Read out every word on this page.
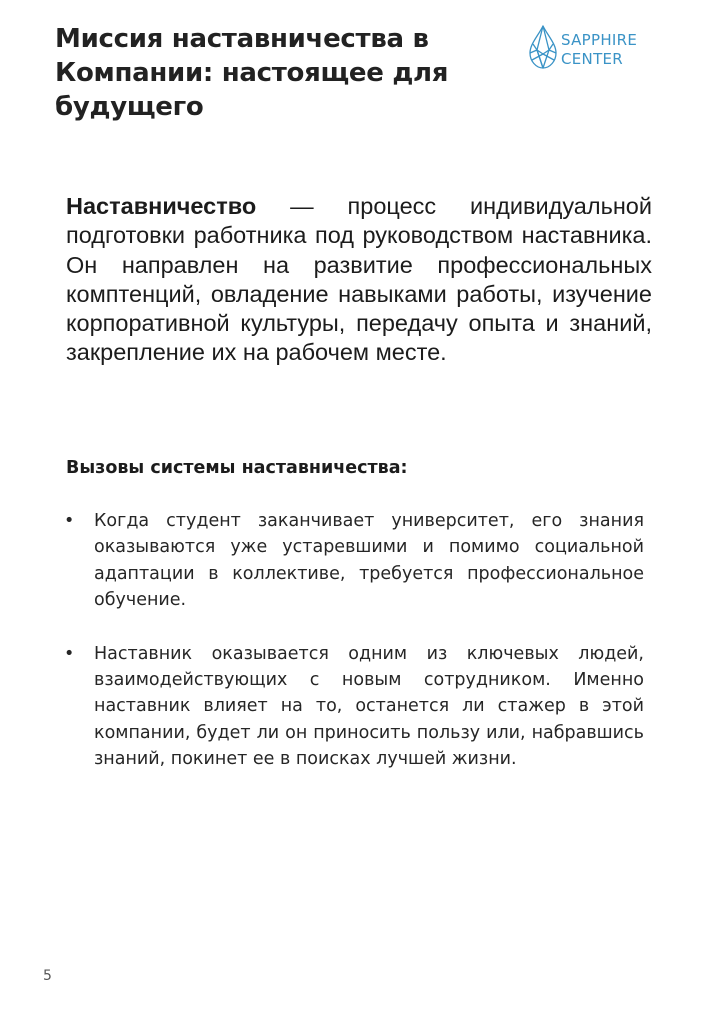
Миссия наставничества в Компании: настоящее для будущего
SAPPHIRE
CENTER

Наставничество — процесс индивидуальной подготовки работника под руководством наставника. Он направлен на развитие профессиональных комптенций, овладение навыками работы, изучение корпоративной культуры, передачу опыта и знаний, закрепление их на рабочем месте.

Вызовы системы наставничества:
• Когда студент заканчивает университет, его знания оказываются уже устаревшими и помимо социальной адаптации в коллективе, требуется профессиональное обучение.
• Наставник оказывается одним из ключевых людей, взаимодействующих с новым сотрудником. Именно наставник влияет на то, останется ли стажер в этой компании, будет ли он приносить пользу или, набравшись знаний, покинет ее в поисках лучшей жизни.
5
